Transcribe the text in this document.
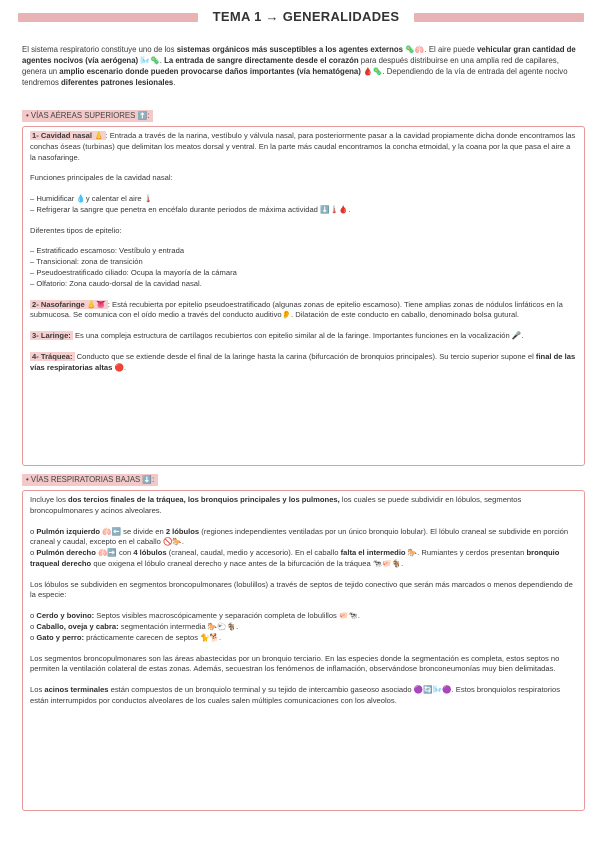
TEMA 1 → GENERALIDADES
El sistema respiratorio constituye uno de los sistemas orgánicos más susceptibles a los agentes externos 🦠🫁. El aire puede vehicular gran cantidad de agentes nocivos (vía aerógena) 🌬️🦠. La entrada de sangre directamente desde el corazón para después distribuirse en una amplia red de capilares, genera un amplio escenario donde pueden provocarse daños importantes (vía hematógena) 🩸🦠. Dependiendo de la vía de entrada del agente nocivo tendremos diferentes patrones lesionales.
• VÍAS AÉREAS SUPERIORES ⬆️:

1- Cavidad nasal 👃 : Entrada a través de la narina, vestíbulo y válvula nasal, para posteriormente pasar a la cavidad propiamente dicha donde encontramos las conchas óseas (turbinas) que delimitan los meatos dorsal y ventral. En la parte más caudal encontramos la concha etmoidal, y la coana por la que pasa el aire a la nasofaringe.

Funciones principales de la cavidad nasal:

– Humidificar 💧y calentar el aire 🌡️

– Refrigerar la sangre que penetra en encéfalo durante periodos de máxima actividad ⬇️🌡️🩸.

Diferentes tipos de epitelio:

– Estratificado escamoso: Vestíbulo y entrada

– Transicional: zona de transición

– Pseudoestratificado ciliado: Ocupa la mayoría de la cámara

– Olfatorio: Zona caudo-dorsal de la cavidad nasal.

2- Nasofaringe 👃👅 : Está recubierta por epitelio pseudoestratificado (algunas zonas de epitelio escamoso). Tiene amplias zonas de nódulos linfáticos en la submucosa. Se comunica con el oído medio a través del conducto auditivo👂. Dilatación de este conducto en caballo, denominado bolsa gutural.

3- Laringe: Es una compleja estructura de cartílagos recubiertos con epitelio similar al de la faringe. Importantes funciones en la vocalización 🎤.

4- Tráquea: Conducto que se extiende desde el final de la laringe hasta la carina (bifurcación de bronquios principales). Su tercio superior supone el final de las vías respiratorias altas 🔴.

• VÍAS RESPIRATORIAS BAJAS ⬇️:

Incluye los dos tercios finales de la tráquea, los bronquios principales y los pulmones, los cuales se puede subdividir en lóbulos, segmentos broncopulmonares y acinos alveolares.

o Pulmón izquierdo 🫁⬅️ se divide en 2 lóbulos (regiones independientes ventiladas por un único bronquio lobular). El lóbulo craneal se subdivide en porción craneal y caudal, excepto en el caballo 🚫🐎.

o Pulmón derecho 🫁➡️ con 4 lóbulos (craneal, caudal, medio y accesorio). En el caballo falta el intermedio 🐎. Rumiantes y cerdos presentan bronquio traqueal derecho que oxigena el lóbulo craneal derecho y nace antes de la bifurcación de la tráquea 🐄🐖🐐.

Los lóbulos se subdividen en segmentos broncopulmonares (lobulillos) a través de septos de tejido conectivo que serán más marcados o menos dependiendo de la especie:

o Cerdo y bovino: Septos visibles macroscópicamente y separación completa de lobulillos 🐖🐄.

o Caballo, oveja y cabra: segmentación intermedia 🐎🐑🐐.

o Gato y perro: prácticamente carecen de septos 🐈🐕.

Los segmentos broncopulmonares son las áreas abastecidas por un bronquio terciario. En las especies donde la segmentación es completa, estos septos no permiten la ventilación colateral de estas zonas. Además, secuestran los fenómenos de inflamación, observándose bronconeumonías muy bien delimitadas.

Los acinos terminales están compuestos de un bronquiolo terminal y su tejido de intercambio gaseoso asociado 🟣🔄🌬️🟣. Estos bronquiolos respiratorios están interrumpidos por conductos alveolares de los cuales salen múltiples comunicaciones con los alveolos.
